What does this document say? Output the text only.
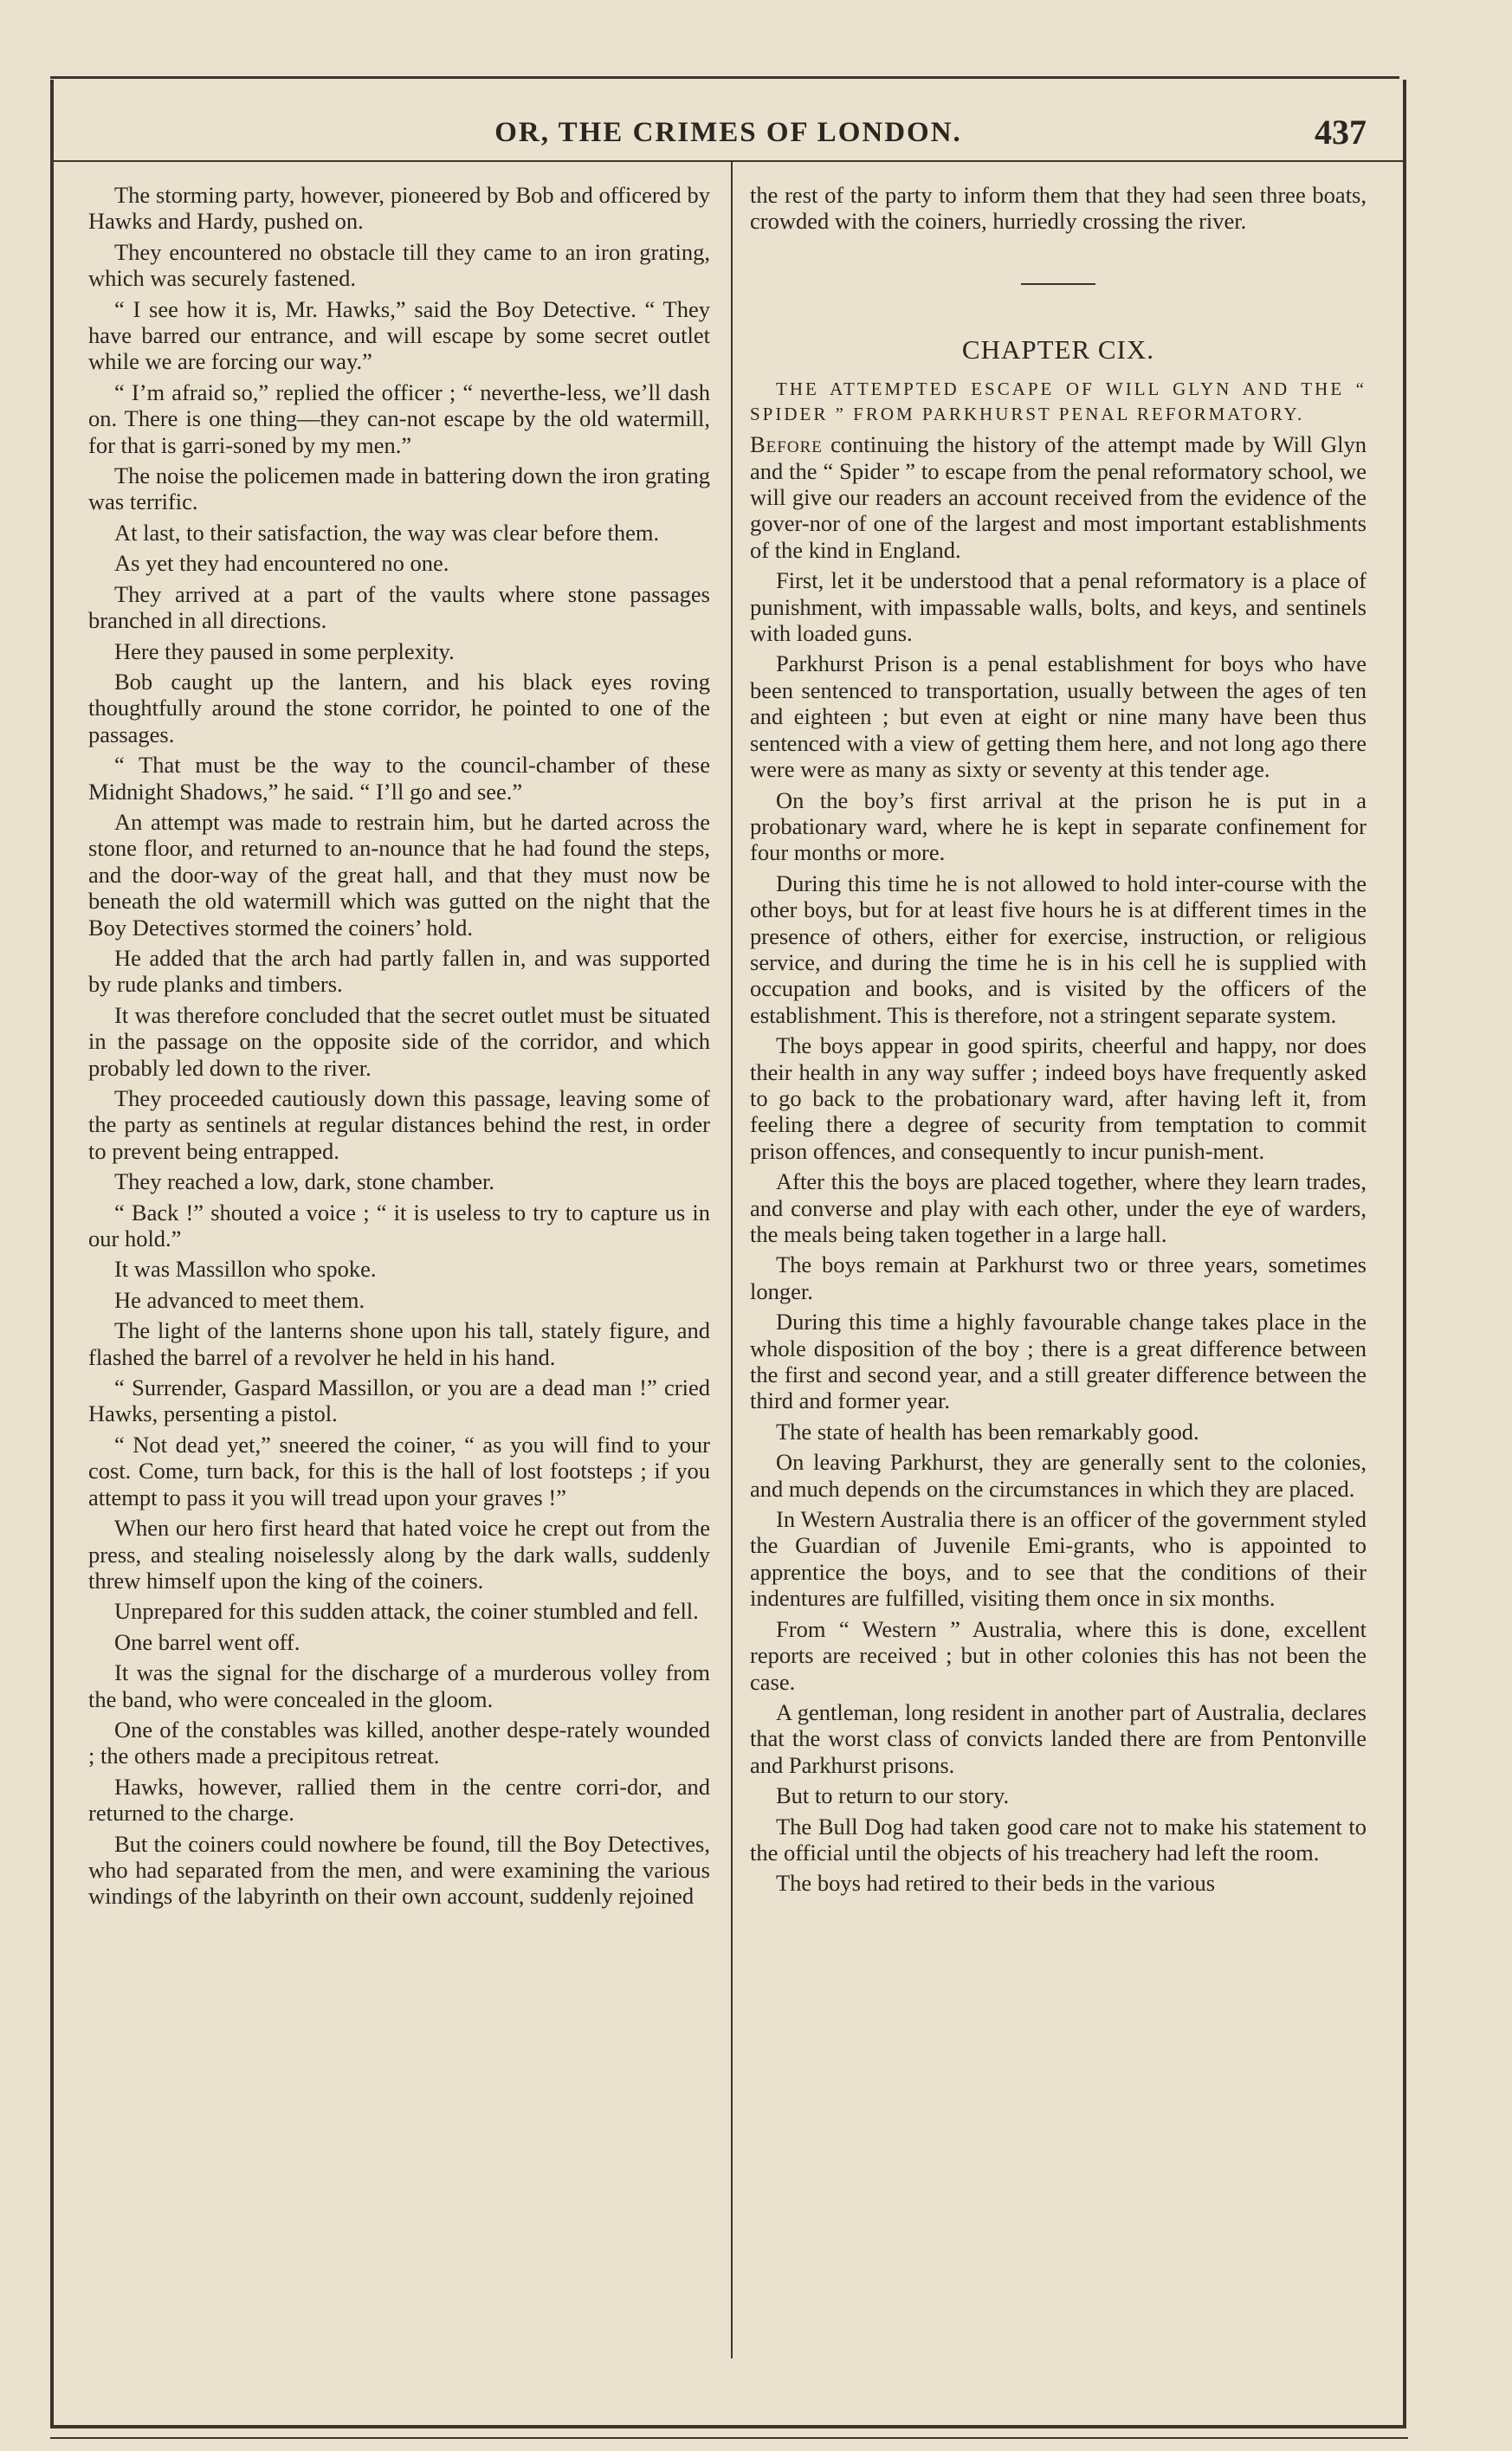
OR, THE CRIMES OF LONDON.	437

The storming party, however, pioneered by Bob and officered by Hawks and Hardy, pushed on.

They encountered no obstacle till they came to an iron grating, which was securely fastened.

“ I see how it is, Mr. Hawks,” said the Boy Detective. “ They have barred our entrance, and will escape by some secret outlet while we are forcing our way.”

“ I’m afraid so,” replied the officer ; “ neverthe-less, we’ll dash on. There is one thing—they can-not escape by the old watermill, for that is garri-soned by my men.”

The noise the policemen made in battering down the iron grating was terrific.

At last, to their satisfaction, the way was clear before them.

As yet they had encountered no one.

They arrived at a part of the vaults where stone passages branched in all directions.

Here they paused in some perplexity.

Bob caught up the lantern, and his black eyes roving thoughtfully around the stone corridor, he pointed to one of the passages.

“ That must be the way to the council-chamber of these Midnight Shadows,” he said. “ I’ll go and see.”

An attempt was made to restrain him, but he darted across the stone floor, and returned to an-nounce that he had found the steps, and the door-way of the great hall, and that they must now be beneath the old watermill which was gutted on the night that the Boy Detectives stormed the coiners’ hold.

He added that the arch had partly fallen in, and was supported by rude planks and timbers.

It was therefore concluded that the secret outlet must be situated in the passage on the opposite side of the corridor, and which probably led down to the river.

They proceeded cautiously down this passage, leaving some of the party as sentinels at regular distances behind the rest, in order to prevent being entrapped.

They reached a low, dark, stone chamber.

“ Back !” shouted a voice ; “ it is useless to try to capture us in our hold.”

It was Massillon who spoke.

He advanced to meet them.

The light of the lanterns shone upon his tall, stately figure, and flashed the barrel of a revolver he held in his hand.

“ Surrender, Gaspard Massillon, or you are a dead man !” cried Hawks, persenting a pistol.

“ Not dead yet,” sneered the coiner, “ as you will find to your cost. Come, turn back, for this is the hall of lost footsteps ; if you attempt to pass it you will tread upon your graves !”

When our hero first heard that hated voice he crept out from the press, and stealing noiselessly along by the dark walls, suddenly threw himself upon the king of the coiners.

Unprepared for this sudden attack, the coiner stumbled and fell.

One barrel went off.

It was the signal for the discharge of a murderous volley from the band, who were concealed in the gloom.

One of the constables was killed, another despe-rately wounded ; the others made a precipitous retreat.

Hawks, however, rallied them in the centre corri-dor, and returned to the charge.

But the coiners could nowhere be found, till the Boy Detectives, who had separated from the men, and were examining the various windings of the labyrinth on their own account, suddenly rejoined

the rest of the party to inform them that they had seen three boats, crowded with the coiners, hurriedly crossing the river.

CHAPTER CIX.

THE ATTEMPTED ESCAPE OF WILL GLYN AND THE “ SPIDER ” FROM PARKHURST PENAL REFORMATORY.

Before continuing the history of the attempt made by Will Glyn and the “ Spider ” to escape from the penal reformatory school, we will give our readers an account received from the evidence of the gover-nor of one of the largest and most important establishments of the kind in England.

First, let it be understood that a penal reformatory is a place of punishment, with impassable walls, bolts, and keys, and sentinels with loaded guns.

Parkhurst Prison is a penal establishment for boys who have been sentenced to transportation, usually between the ages of ten and eighteen ; but even at eight or nine many have been thus sentenced with a view of getting them here, and not long ago there were were as many as sixty or seventy at this tender age.

On the boy’s first arrival at the prison he is put in a probationary ward, where he is kept in separate confinement for four months or more.

During this time he is not allowed to hold inter-course with the other boys, but for at least five hours he is at different times in the presence of others, either for exercise, instruction, or religious service, and during the time he is in his cell he is supplied with occupation and books, and is visited by the officers of the establishment. This is therefore, not a stringent separate system.

The boys appear in good spirits, cheerful and happy, nor does their health in any way suffer ; indeed boys have frequently asked to go back to the probationary ward, after having left it, from feeling there a degree of security from temptation to commit prison offences, and consequently to incur punish-ment.

After this the boys are placed together, where they learn trades, and converse and play with each other, under the eye of warders, the meals being taken together in a large hall.

The boys remain at Parkhurst two or three years, sometimes longer.

During this time a highly favourable change takes place in the whole disposition of the boy ; there is a great difference between the first and second year, and a still greater difference between the third and former year.

The state of health has been remarkably good.

On leaving Parkhurst, they are generally sent to the colonies, and much depends on the circumstances in which they are placed.

In Western Australia there is an officer of the government styled the Guardian of Juvenile Emi-grants, who is appointed to apprentice the boys, and to see that the conditions of their indentures are fulfilled, visiting them once in six months.

From “ Western ” Australia, where this is done, excellent reports are received ; but in other colonies this has not been the case.

A gentleman, long resident in another part of Australia, declares that the worst class of convicts landed there are from Pentonville and Parkhurst prisons.

But to return to our story.

The Bull Dog had taken good care not to make his statement to the official until the objects of his treachery had left the room.

The boys had retired to their beds in the various
